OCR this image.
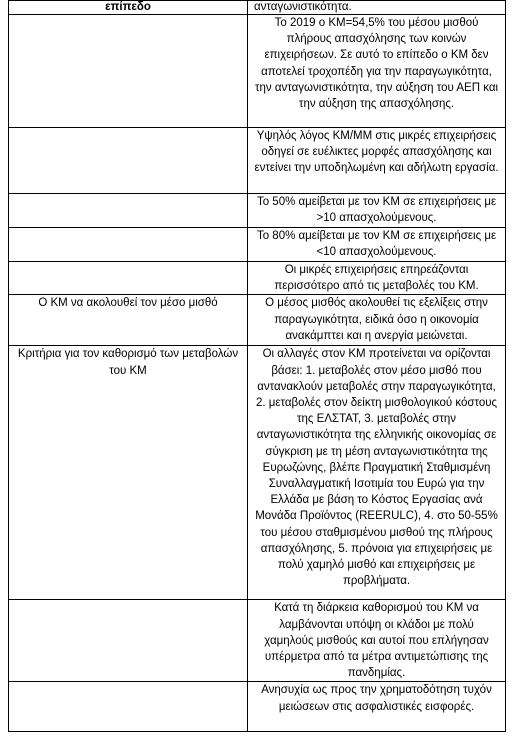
επίπεδο	ανταγωνιστικότητα.
	Το 2019 ο ΚΜ=54,5% του μέσου μισθού πλήρους απασχόλησης των κοινών επιχειρήσεων. Σε αυτό το επίπεδο ο ΚΜ δεν αποτελεί τροχοπέδη για την παραγωγικότητα, την ανταγωνιστικότητα, την αύξηση του ΑΕΠ και την αύξηση της απασχόλησης.
	Υψηλός λόγος ΚΜ/ΜΜ στις μικρές επιχειρήσεις οδηγεί σε ευέλικτες μορφές απασχόλησης και εντείνει την υποδηλωμένη και αδήλωτη εργασία.
	Το 50% αμείβεται με τον ΚΜ σε επιχειρήσεις με >10 απασχολούμενους.
	Το 80% αμείβεται με τον ΚΜ σε επιχειρήσεις με <10 απασχολούμενους.
	Οι μικρές επιχειρήσεις επηρεάζονται περισσότερο από τις μεταβολές του ΚΜ.
Ο ΚΜ να ακολουθεί τον μέσο μισθό	Ο μέσος μισθός ακολουθεί τις εξελίξεις στην παραγωγικότητα, ειδικά όσο η οικονομία ανακάμπτει και η ανεργία μειώνεται.
Κριτήρια για τον καθορισμό των μεταβολών του ΚΜ	Οι αλλαγές στον ΚΜ προτείνεται να ορίζονται βάσει: 1. μεταβολές στον μέσο μισθό που αντανακλούν μεταβολές στην παραγωγικότητα, 2. μεταβολές στον δείκτη μισθολογικού κόστους της ΕΛΣΤΑΤ, 3. μεταβολές στην ανταγωνιστικότητα της ελληνικής οικονομίας σε σύγκριση με τη μέση ανταγωνιστικότητα της Ευρωζώνης, βλέπε Πραγματική Σταθμισμένη Συναλλαγματική Ισοτιμία του Ευρώ για την Ελλάδα με βάση το Κόστος Εργασίας ανά Μονάδα Προϊόντος (REERULC), 4. στο 50-55% του μέσου σταθμισμένου μισθού της πλήρους απασχόλησης, 5. πρόνοια για επιχειρήσεις με πολύ χαμηλό μισθό και επιχειρήσεις με προβλήματα.
	Κατά τη διάρκεια καθορισμού του ΚΜ να λαμβάνονται υπόψη οι κλάδοι με πολύ χαμηλούς μισθούς και αυτοί που επλήγησαν υπέρμετρα από τα μέτρα αντιμετώπισης της πανδημίας.
	Ανησυχία ως προς την χρηματοδότηση τυχόν μειώσεων στις ασφαλιστικές εισφορές.
